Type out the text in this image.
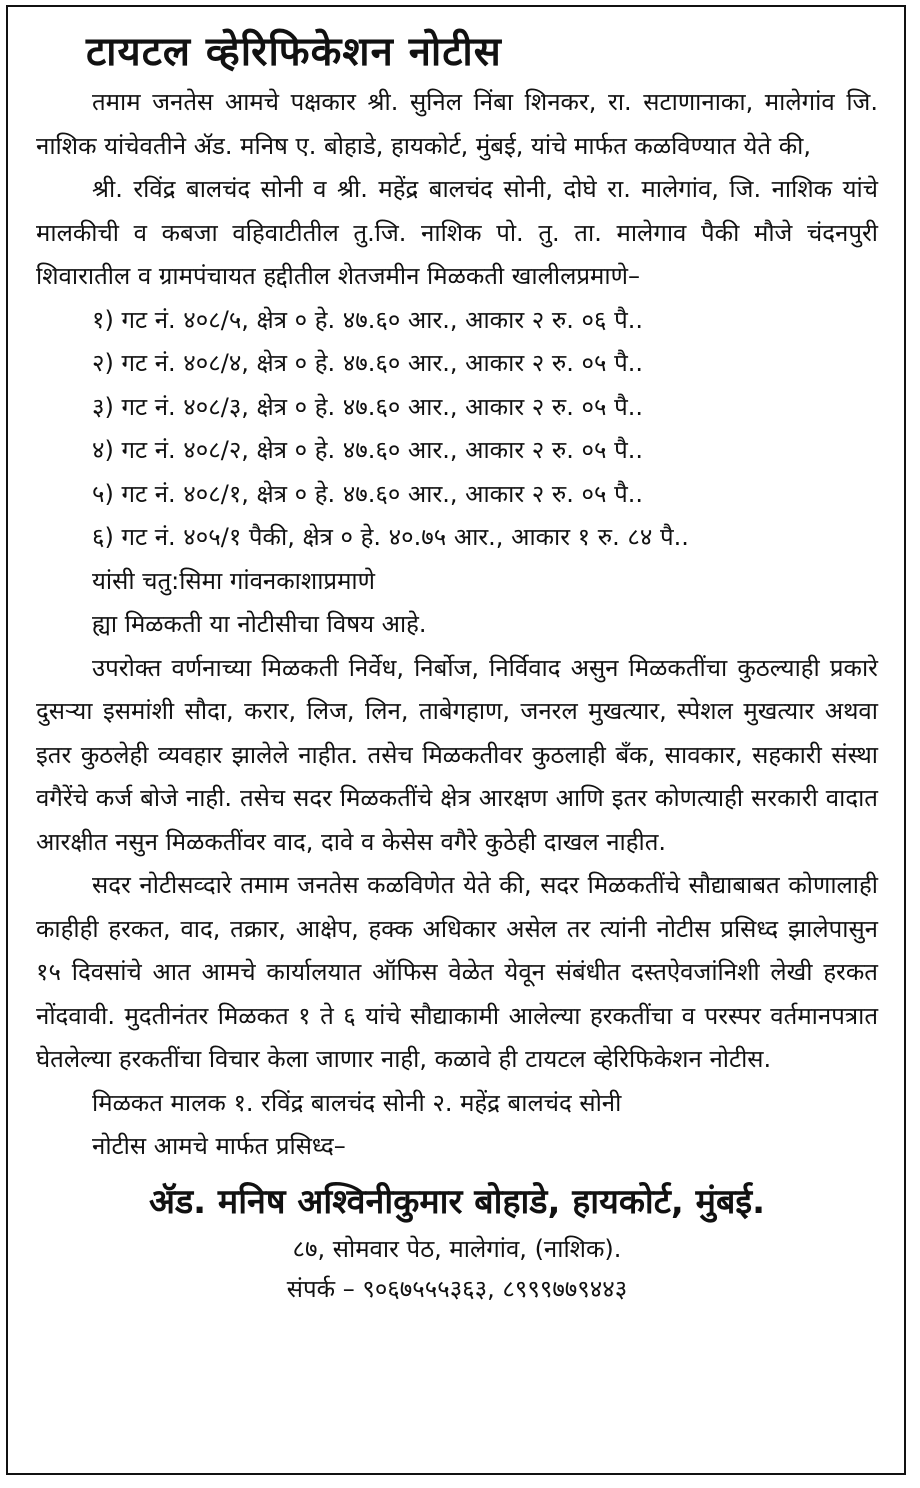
टायटल व्हेरिफिकेशन नोटीस

तमाम जनतेस आमचे पक्षकार श्री. सुनिल निंबा शिनकर, रा. सटाणानाका, मालेगांव जि. नाशिक यांचेवतीने ॲड. मनिष ए. बोहाडे, हायकोर्ट, मुंबई, यांचे मार्फत कळविण्यात येते की,

श्री. रविंद्र बालचंद सोनी व श्री. महेंद्र बालचंद सोनी, दोघे रा. मालेगांव, जि. नाशिक यांचे मालकीची व कबजा वहिवाटीतील तु.जि. नाशिक पो. तु. ता. मालेगाव पैकी मौजे चंदनपुरी शिवारातील व ग्रामपंचायत हद्दीतील शेतजमीन मिळकती खालीलप्रमाणे–

१) गट नं. ४०८/५, क्षेत्र ० हे. ४७.६० आर., आकार २ रु. ०६ पै..

२) गट नं. ४०८/४, क्षेत्र ० हे. ४७.६० आर., आकार २ रु. ०५ पै..

३) गट नं. ४०८/३, क्षेत्र ० हे. ४७.६० आर., आकार २ रु. ०५ पै..

४) गट नं. ४०८/२, क्षेत्र ० हे. ४७.६० आर., आकार २ रु. ०५ पै..

५) गट नं. ४०८/१, क्षेत्र ० हे. ४७.६० आर., आकार २ रु. ०५ पै..

६) गट नं. ४०५/१ पैकी, क्षेत्र ० हे. ४०.७५ आर., आकार १ रु. ८४ पै..

यांसी चतु:सिमा गांवनकाशाप्रमाणे

ह्या मिळकती या नोटीसीचा विषय आहे.

उपरोक्त वर्णनाच्या मिळकती निर्वेध, निर्बोज, निर्विवाद असुन मिळकतींचा कुठल्याही प्रकारे दुसऱ्या इसमांशी सौदा, करार, लिज, लिन, ताबेगहाण, जनरल मुखत्यार, स्पेशल मुखत्यार अथवा इतर कुठलेही व्यवहार झालेले नाहीत. तसेच मिळकतीवर कुठलाही बँक, सावकार, सहकारी संस्था वगैरेंचे कर्ज बोजे नाही. तसेच सदर मिळकतींचे क्षेत्र आरक्षण आणि इतर कोणत्याही सरकारी वादात आरक्षीत नसुन मिळकतींवर वाद, दावे व केसेस वगैरे कुठेही दाखल नाहीत.

सदर नोटीसव्दारे तमाम जनतेस कळविणेत येते की, सदर मिळकतींचे सौद्याबाबत कोणालाही काहीही हरकत, वाद, तक्रार, आक्षेप, हक्क अधिकार असेल तर त्यांनी नोटीस प्रसिध्द झालेपासुन १५ दिवसांचे आत आमचे कार्यालयात ऑफिस वेळेत येवून संबंधीत दस्तऐवजांनिशी लेखी हरकत नोंदवावी. मुदतीनंतर मिळकत १ ते ६ यांचे सौद्याकामी आलेल्या हरकतींचा व परस्पर वर्तमानपत्रात घेतलेल्या हरकतींचा विचार केला जाणार नाही, कळावे ही टायटल व्हेरिफिकेशन नोटीस.

मिळकत मालक १. रविंद्र बालचंद सोनी २. महेंद्र बालचंद सोनी

नोटीस आमचे मार्फत प्रसिध्द–

ॲड. मनिष अश्विनीकुमार बोहाडे, हायकोर्ट, मुंबई.
८७, सोमवार पेठ, मालेगांव, (नाशिक).
संपर्क – ९०६७५५५३६३, ८९९९७७९४४३
